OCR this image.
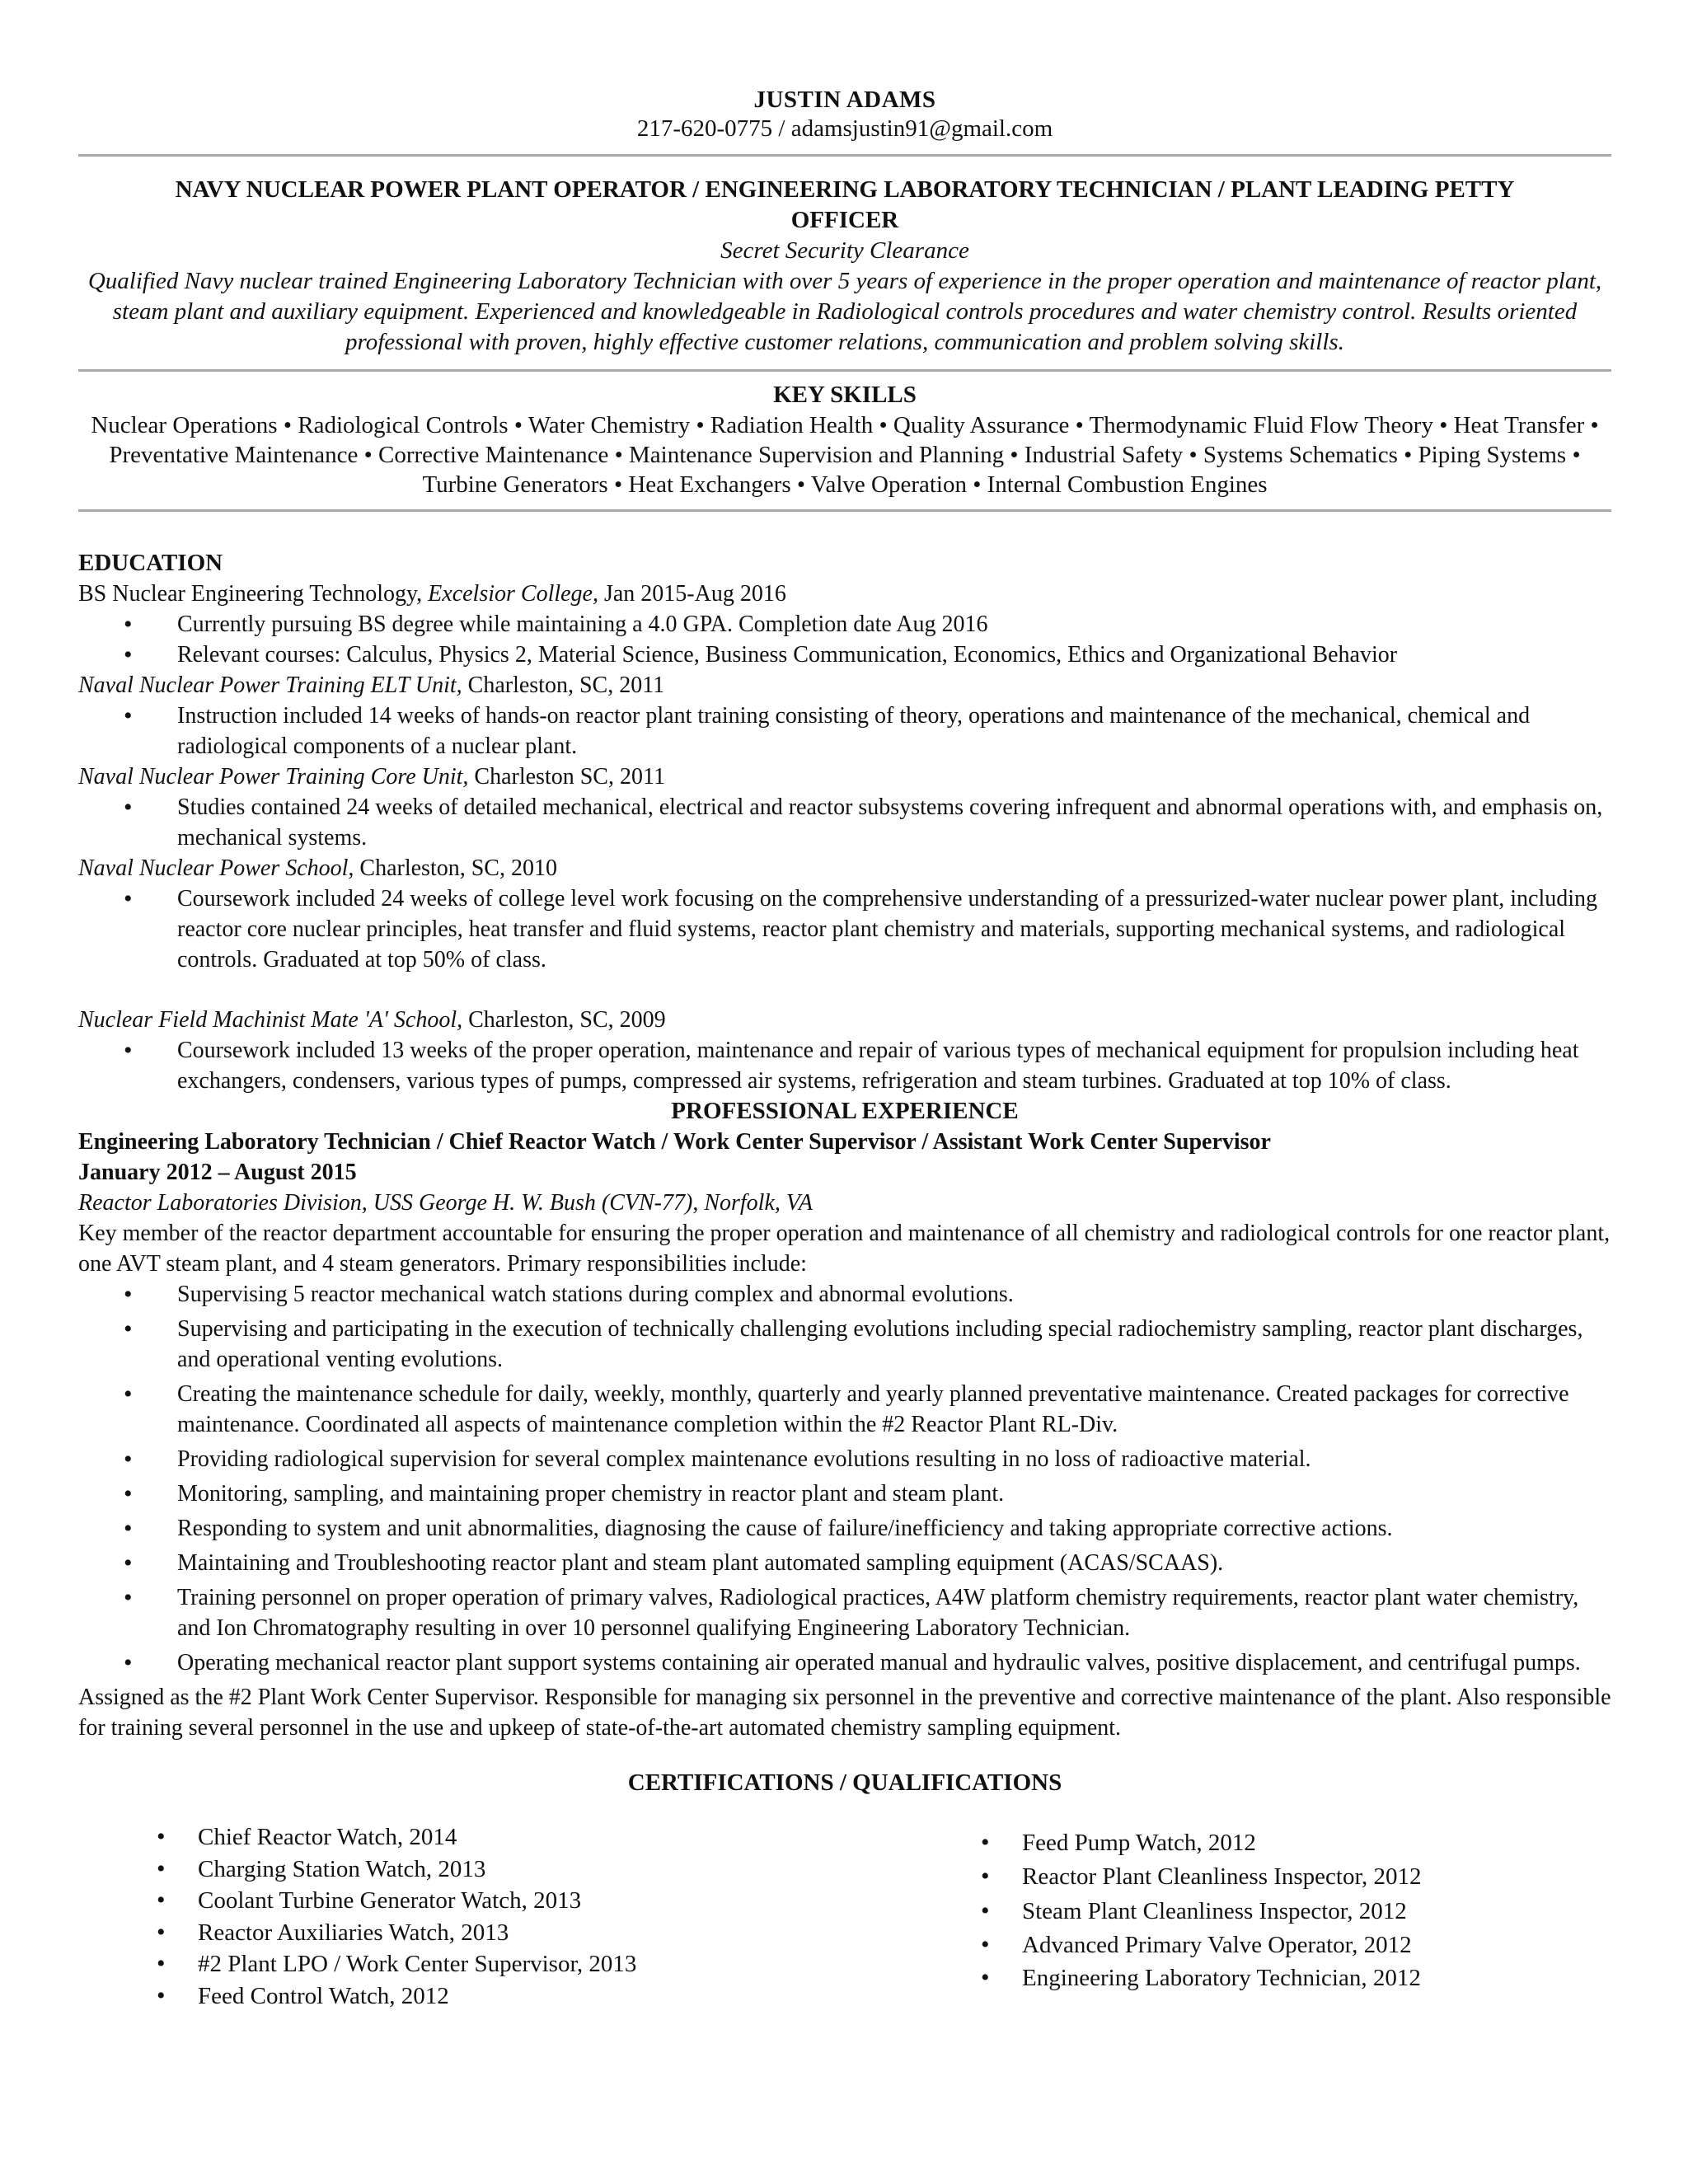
JUSTIN ADAMS
217-620-0775 / adamsjustin91@gmail.com
NAVY NUCLEAR POWER PLANT OPERATOR / ENGINEERING LABORATORY TECHNICIAN / PLANT LEADING PETTY
OFFICER
Secret Security Clearance
Qualified Navy nuclear trained Engineering Laboratory Technician with over 5 years of experience in the proper operation and maintenance of reactor plant, steam plant and auxiliary equipment. Experienced and knowledgeable in Radiological controls procedures and water chemistry control. Results oriented professional with proven, highly effective customer relations, communication and problem solving skills.
KEY SKILLS
Nuclear Operations • Radiological Controls • Water Chemistry • Radiation Health • Quality Assurance • Thermodynamic Fluid Flow Theory • Heat Transfer • Preventative Maintenance • Corrective Maintenance • Maintenance Supervision and Planning • Industrial Safety • Systems Schematics • Piping Systems • Turbine Generators • Heat Exchangers • Valve Operation • Internal Combustion Engines
EDUCATION
BS Nuclear Engineering Technology, Excelsior College, Jan 2015-Aug 2016
• Currently pursuing BS degree while maintaining a 4.0 GPA. Completion date Aug 2016
• Relevant courses: Calculus, Physics 2, Material Science, Business Communication, Economics, Ethics and Organizational Behavior
Naval Nuclear Power Training ELT Unit, Charleston, SC, 2011
• Instruction included 14 weeks of hands-on reactor plant training consisting of theory, operations and maintenance of the mechanical, chemical and radiological components of a nuclear plant.
Naval Nuclear Power Training Core Unit, Charleston SC, 2011
• Studies contained 24 weeks of detailed mechanical, electrical and reactor subsystems covering infrequent and abnormal operations with, and emphasis on, mechanical systems.
Naval Nuclear Power School, Charleston, SC, 2010
• Coursework included 24 weeks of college level work focusing on the comprehensive understanding of a pressurized-water nuclear power plant, including reactor core nuclear principles, heat transfer and fluid systems, reactor plant chemistry and materials, supporting mechanical systems, and radiological controls. Graduated at top 50% of class.
Nuclear Field Machinist Mate 'A' School, Charleston, SC, 2009
• Coursework included 13 weeks of the proper operation, maintenance and repair of various types of mechanical equipment for propulsion including heat exchangers, condensers, various types of pumps, compressed air systems, refrigeration and steam turbines. Graduated at top 10% of class.
PROFESSIONAL EXPERIENCE
Engineering Laboratory Technician / Chief Reactor Watch / Work Center Supervisor / Assistant Work Center Supervisor
January 2012 – August 2015
Reactor Laboratories Division, USS George H. W. Bush (CVN-77), Norfolk, VA
Key member of the reactor department accountable for ensuring the proper operation and maintenance of all chemistry and radiological controls for one reactor plant, one AVT steam plant, and 4 steam generators. Primary responsibilities include:
• Supervising 5 reactor mechanical watch stations during complex and abnormal evolutions.
• Supervising and participating in the execution of technically challenging evolutions including special radiochemistry sampling, reactor plant discharges, and operational venting evolutions.
• Creating the maintenance schedule for daily, weekly, monthly, quarterly and yearly planned preventative maintenance. Created packages for corrective maintenance. Coordinated all aspects of maintenance completion within the #2 Reactor Plant RL-Div.
• Providing radiological supervision for several complex maintenance evolutions resulting in no loss of radioactive material.
• Monitoring, sampling, and maintaining proper chemistry in reactor plant and steam plant.
• Responding to system and unit abnormalities, diagnosing the cause of failure/inefficiency and taking appropriate corrective actions.
• Maintaining and Troubleshooting reactor plant and steam plant automated sampling equipment (ACAS/SCAAS).
• Training personnel on proper operation of primary valves, Radiological practices, A4W platform chemistry requirements, reactor plant water chemistry, and Ion Chromatography resulting in over 10 personnel qualifying Engineering Laboratory Technician.
• Operating mechanical reactor plant support systems containing air operated manual and hydraulic valves, positive displacement, and centrifugal pumps.
Assigned as the #2 Plant Work Center Supervisor. Responsible for managing six personnel in the preventive and corrective maintenance of the plant. Also responsible for training several personnel in the use and upkeep of state-of-the-art automated chemistry sampling equipment.
CERTIFICATIONS / QUALIFICATIONS
• Chief Reactor Watch, 2014
• Charging Station Watch, 2013
• Coolant Turbine Generator Watch, 2013
• Reactor Auxiliaries Watch, 2013
• #2 Plant LPO / Work Center Supervisor, 2013
• Feed Control Watch, 2012
• Feed Pump Watch, 2012
• Reactor Plant Cleanliness Inspector, 2012
• Steam Plant Cleanliness Inspector, 2012
• Advanced Primary Valve Operator, 2012
• Engineering Laboratory Technician, 2012
